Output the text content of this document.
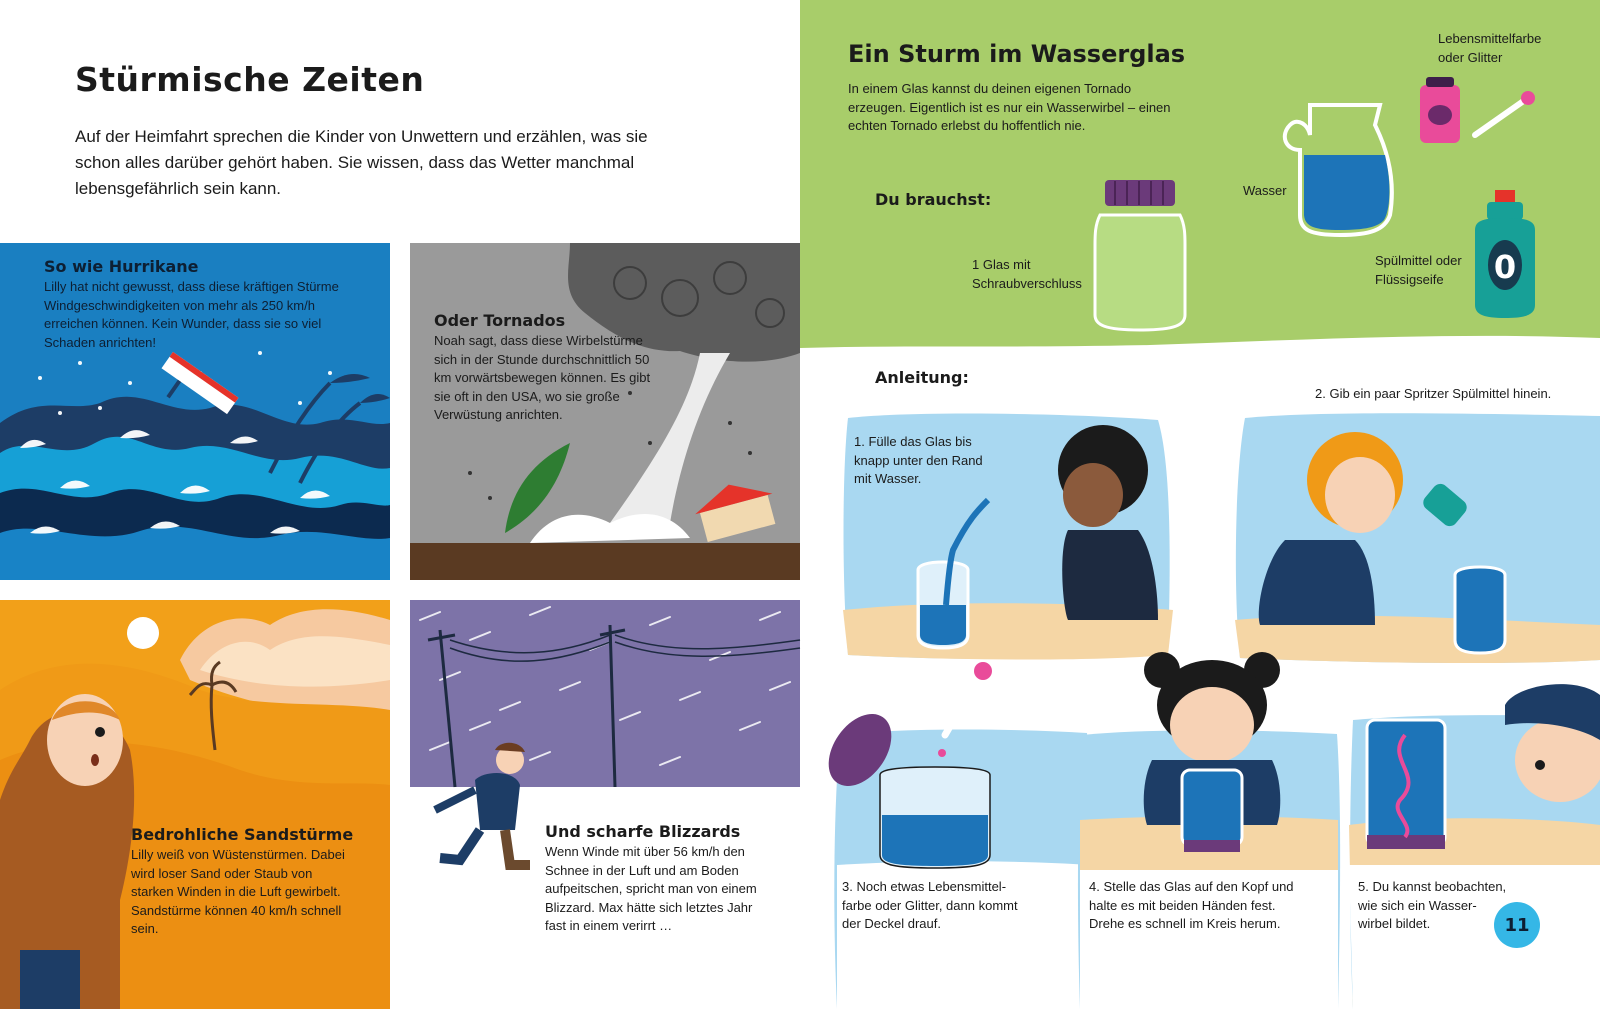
Stürmische Zeiten
Auf der Heimfahrt sprechen die Kinder von Unwettern und erzählen, was sie schon alles darüber gehört haben. Sie wissen, dass das Wetter manchmal lebensgefährlich sein kann.
So wie Hurrikane
Lilly hat nicht gewusst, dass diese kräftigen Stürme Windgeschwindigkeiten von mehr als 250 km/h erreichen können. Kein Wunder, dass sie so viel Schaden anrichten!
Oder Tornados
Noah sagt, dass diese Wirbelstürme sich in der Stunde durchschnittlich 50 km vorwärtsbewegen können. Es gibt sie oft in den USA, wo sie große Verwüstung anrichten.
Bedrohliche Sandstürme
Lilly weiß von Wüstenstürmen. Dabei wird loser Sand oder Staub von starken Winden in die Luft gewirbelt. Sandstürme können 40 km/h schnell sein.
Und scharfe Blizzards
Wenn Winde mit über 56 km/h den Schnee in der Luft und am Boden aufpeitschen, spricht man von einem Blizzard. Max hätte sich letztes Jahr fast in einem verirrt …
Ein Sturm im Wasserglas
In einem Glas kannst du deinen eigenen Tornado erzeugen. Eigentlich ist es nur ein Wasserwirbel – einen echten Tornado erlebst du hoffentlich nie.
Du brauchst:
1 Glas mit Schraubverschluss
Wasser
Lebensmittelfarbe oder Glitter
0
Spülmittel oder Flüssigseife
Anleitung:
1. Fülle das Glas bis knapp unter den Rand mit Wasser.
2. Gib ein paar Spritzer Spülmittel hinein.
3. Noch etwas Lebensmittel-farbe oder Glitter, dann kommt der Deckel drauf.
4. Stelle das Glas auf den Kopf und halte es mit beiden Händen fest. Drehe es schnell im Kreis herum.
5. Du kannst beobachten, wie sich ein Wasser-wirbel bildet.	11
